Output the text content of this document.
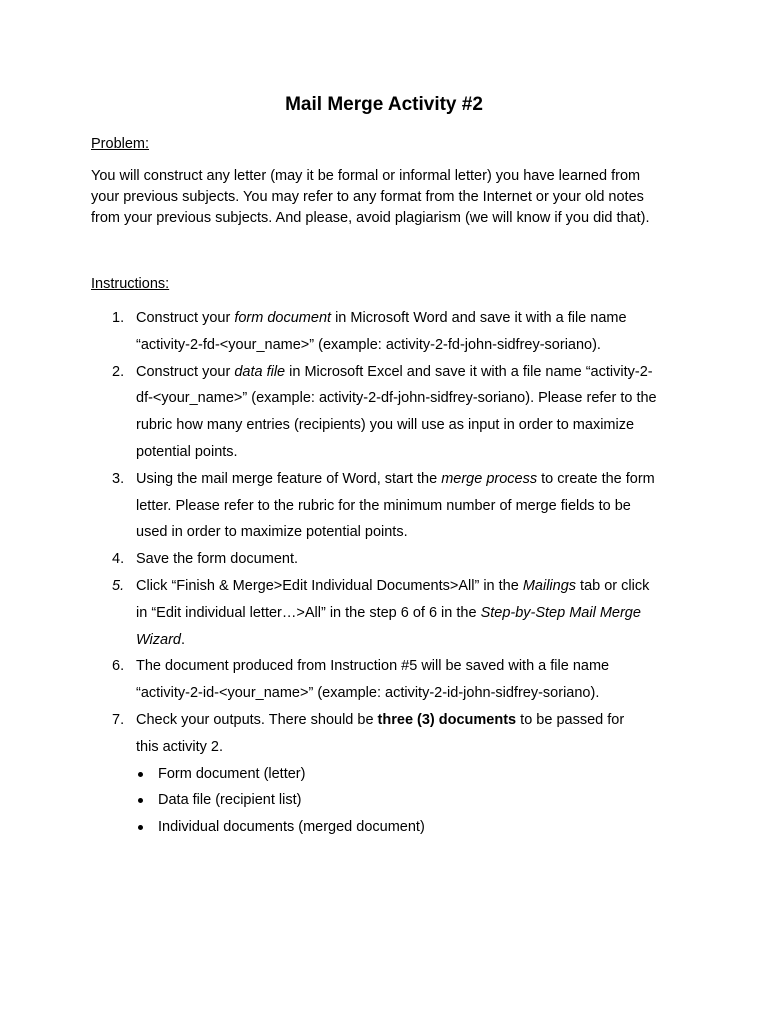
Mail Merge Activity #2
Problem:
You will construct any letter (may it be formal or informal letter) you have learned from
your previous subjects. You may refer to any format from the Internet or your old notes
from your previous subjects. And please, avoid plagiarism (we will know if you did that).
Instructions:
1. Construct your form document in Microsoft Word and save it with a file name
“activity-2-fd-<your_name>” (example: activity-2-fd-john-sidfrey-soriano).
2. Construct your data file in Microsoft Excel and save it with a file name “activity-2-
df-<your_name>” (example: activity-2-df-john-sidfrey-soriano). Please refer to the
rubric how many entries (recipients) you will use as input in order to maximize
potential points.
3. Using the mail merge feature of Word, start the merge process to create the form
letter. Please refer to the rubric for the minimum number of merge fields to be
used in order to maximize potential points.
4. Save the form document.
5. Click “Finish & Merge>Edit Individual Documents>All” in the Mailings tab or click
in “Edit individual letter…>All” in the step 6 of 6 in the Step-by-Step Mail Merge
Wizard.
6. The document produced from Instruction #5 will be saved with a file name
“activity-2-id-<your_name>” (example: activity-2-id-john-sidfrey-soriano).
7. Check your outputs. There should be three (3) documents to be passed for
this activity 2.
Form document (letter)
Data file (recipient list)
Individual documents (merged document)
